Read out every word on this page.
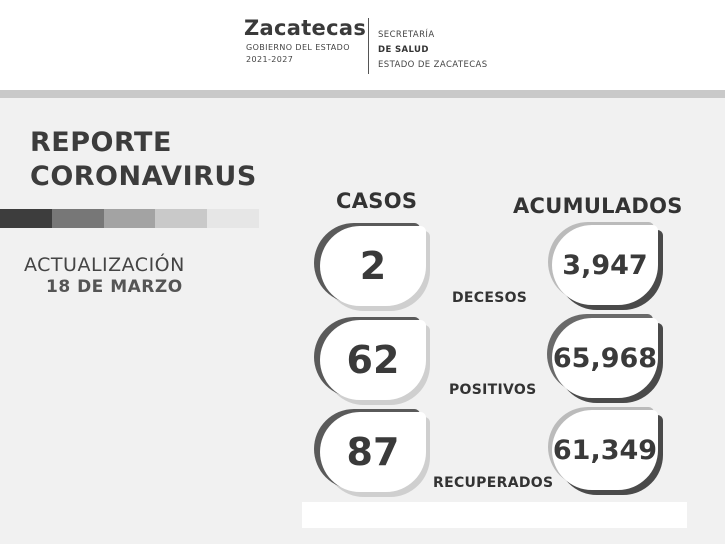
Zacatecas
GOBIERNO DEL ESTADO
2021-2027
SECRETARÍA
DE SALUD
ESTADO DE ZACATECAS
REPORTE
CORONAVIRUS
ACTUALIZACIÓN
18 DE MARZO
CASOS	ACUMULADOS
2
DECESOS
3,947
62
POSITIVOS
65,968
87
RECUPERADOS
61,349
